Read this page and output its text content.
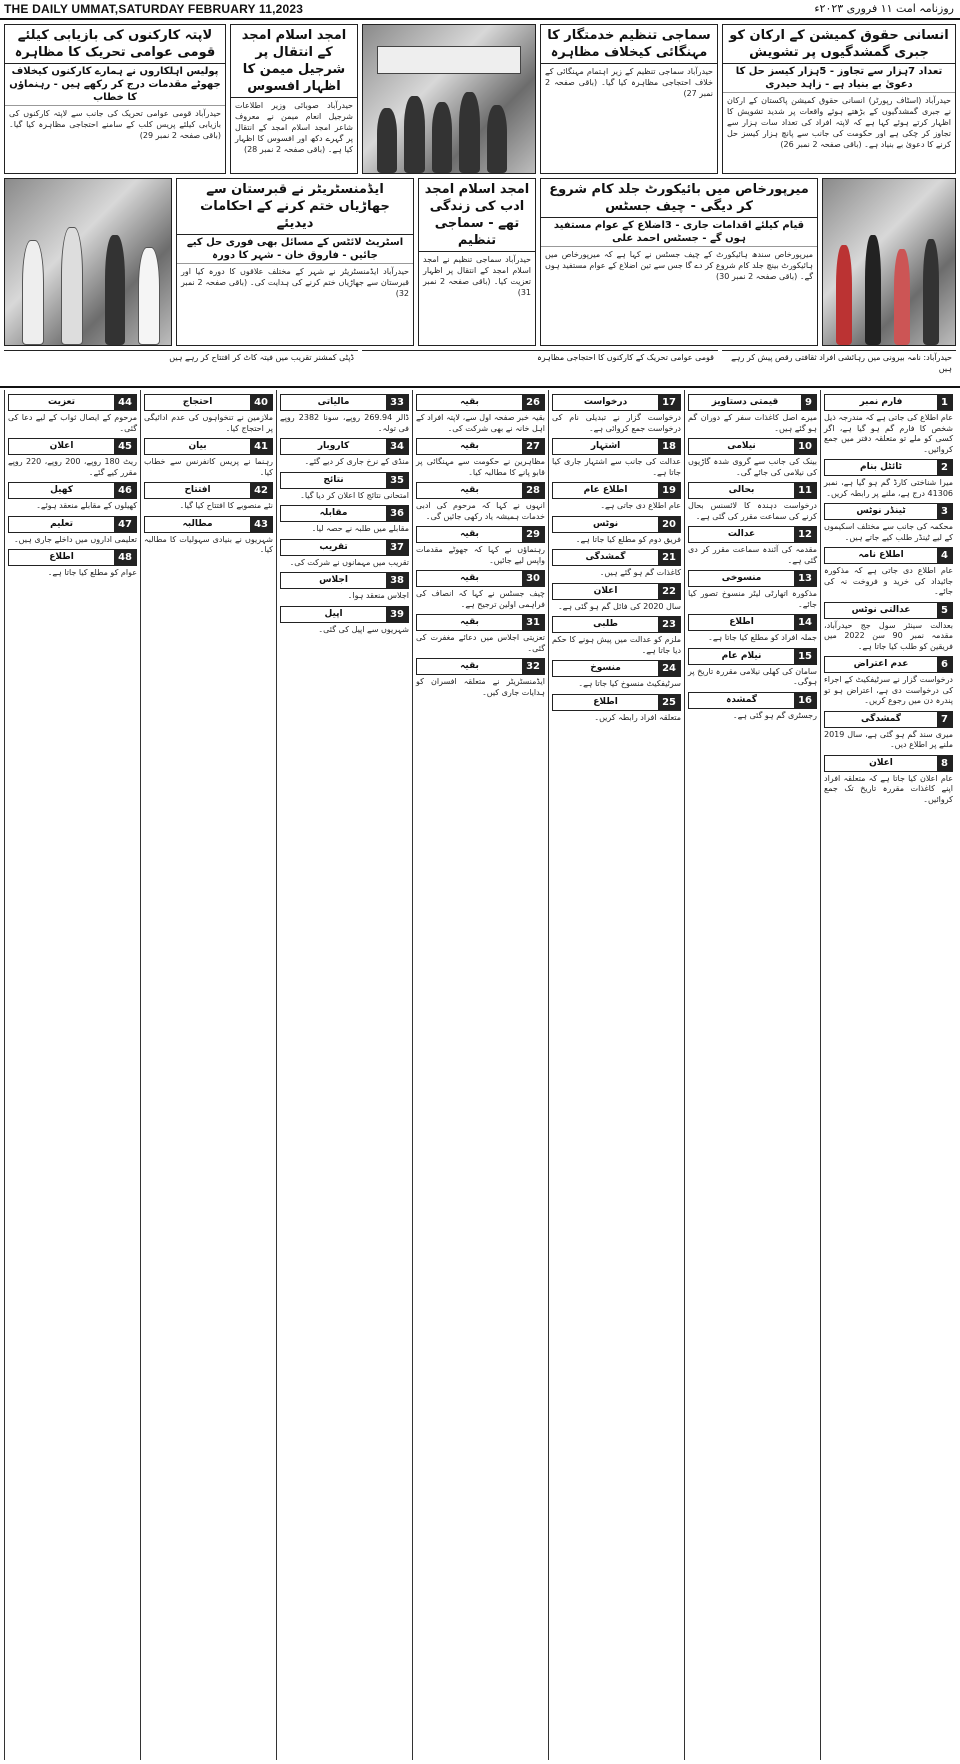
THE DAILY UMMAT,SATURDAY FEBRUARY 11,2023	روزنامہ امت ۱۱ فروری ۲۰۲۳ء
انسانی حقوق کمیشن کے ارکان کو جبری گمشدگیوں پر تشویش
تعداد 7ہزار سے تجاوز - 5ہزار کیسز حل کا دعویٰ بے بنیاد ہے - زاہد حیدری
حیدرآباد (اسٹاف رپورٹر) انسانی حقوق کمیشن پاکستان کے ارکان نے جبری گمشدگیوں کے بڑھتے ہوئے واقعات پر شدید تشویش کا اظہار کرتے ہوئے کہا ہے کہ لاپتہ افراد کی تعداد سات ہزار سے تجاوز کر چکی ہے اور حکومت کی جانب سے پانچ ہزار کیسز حل کرنے کا دعویٰ بے بنیاد ہے۔ (باقی صفحہ 2 نمبر 26)
سماجی تنظیم خدمتگار کا مہنگائی کیخلاف مظاہرہ
حیدرآباد سماجی تنظیم کے زیر اہتمام مہنگائی کے خلاف احتجاجی مظاہرہ کیا گیا۔ (باقی صفحہ 2 نمبر 27)
امجد اسلام امجد کے انتقال پر شرجیل میمن کا اظہار افسوس
حیدرآباد صوبائی وزیر اطلاعات شرجیل انعام میمن نے معروف شاعر امجد اسلام امجد کے انتقال پر گہرے دکھ اور افسوس کا اظہار کیا ہے۔ (باقی صفحہ 2 نمبر 28)
لاپتہ کارکنوں کی بازیابی کیلئے قومی عوامی تحریک کا مظاہرہ
پولیس اہلکاروں نے ہمارے کارکنوں کیخلاف جھوٹے مقدمات درج کر رکھے ہیں - رہنماؤں کا خطاب
حیدرآباد قومی عوامی تحریک کی جانب سے لاپتہ کارکنوں کی بازیابی کیلئے پریس کلب کے سامنے احتجاجی مظاہرہ کیا گیا۔ (باقی صفحہ 2 نمبر 29)
میرپورخاص میں بائیکورٹ جلد کام شروع کر دیگی - چیف جسٹس
قیام کیلئے اقدامات جاری - 3اضلاع کے عوام مستفید ہوں گے - جسٹس احمد علی
میرپورخاص سندھ ہائیکورٹ کے چیف جسٹس نے کہا ہے کہ میرپورخاص میں ہائیکورٹ بینچ جلد کام شروع کر دے گا جس سے تین اضلاع کے عوام مستفید ہوں گے۔ (باقی صفحہ 2 نمبر 30)
امجد اسلام امجد ادب کی زندگی تھے - سماجی تنظیم
حیدرآباد سماجی تنظیم نے امجد اسلام امجد کے انتقال پر اظہار تعزیت کیا۔ (باقی صفحہ 2 نمبر 31)
ایڈمنسٹریٹر نے قبرستان سے جھاڑیاں ختم کرنے کے احکامات دیدیئے
اسٹریٹ لائٹس کے مسائل بھی فوری حل کیے جائیں - فاروق خان - شہر کا دورہ
حیدرآباد ایڈمنسٹریٹر نے شہر کے مختلف علاقوں کا دورہ کیا اور قبرستان سے جھاڑیاں ختم کرنے کی ہدایت کی۔ (باقی صفحہ 2 نمبر 32)
حیدرآباد: نامہ بیرونی میں رہائشی افراد ثقافتی رقص پیش کر رہے ہیں
قومی عوامی تحریک کے کارکنوں کا احتجاجی مظاہرہ
ڈپٹی کمشنر تقریب میں فیتہ کاٹ کر افتتاح کر رہے ہیں
1
فارم نمبر
عام اطلاع کی جاتی ہے کہ مندرجہ ذیل شخص کا فارم گم ہو گیا ہے، اگر کسی کو ملے تو متعلقہ دفتر میں جمع کروائیں۔
2
ٹائٹل بنام
میرا شناختی کارڈ گم ہو گیا ہے، نمبر 41306 درج ہے، ملنے پر رابطہ کریں۔
3
ٹینڈر نوٹس
محکمہ کی جانب سے مختلف اسکیموں کے لیے ٹینڈر طلب کیے جاتے ہیں۔
4
اطلاع نامہ
عام اطلاع دی جاتی ہے کہ مذکورہ جائیداد کی خرید و فروخت نہ کی جائے۔
5
عدالتی نوٹس
بعدالت سینئر سول جج حیدرآباد، مقدمہ نمبر 90 سن 2022 میں فریقین کو طلب کیا جاتا ہے۔
6
عدم اعتراض
درخواست گزار نے سرٹیفکیٹ کے اجراء کی درخواست دی ہے، اعتراض ہو تو پندرہ دن میں رجوع کریں۔
7
گمشدگی
میری سند گم ہو گئی ہے، سال 2019 ملنے پر اطلاع دیں۔
8
اعلان
عام اعلان کیا جاتا ہے کہ متعلقہ افراد اپنے کاغذات مقررہ تاریخ تک جمع کروائیں۔
9
قیمتی دستاویز
میرے اصل کاغذات سفر کے دوران گم ہو گئے ہیں۔
10
نیلامی
بینک کی جانب سے گروی شدہ گاڑیوں کی نیلامی کی جائے گی۔
11
بحالی
درخواست دہندہ کا لائسنس بحال کرنے کی سماعت مقرر کی گئی ہے۔
12
عدالت
مقدمہ کی آئندہ سماعت مقرر کر دی گئی ہے۔
13
منسوخی
مذکورہ اتھارٹی لیٹر منسوخ تصور کیا جائے۔
14
اطلاع
جملہ افراد کو مطلع کیا جاتا ہے۔
15
نیلام عام
سامان کی کھلی نیلامی مقررہ تاریخ پر ہوگی۔
16
گمشدہ
رجسٹری گم ہو گئی ہے۔
17
درخواست
درخواست گزار نے تبدیلی نام کی درخواست جمع کروائی ہے۔
18
اشتہار
عدالت کی جانب سے اشتہار جاری کیا جاتا ہے۔
19
اطلاع عام
عام اطلاع دی جاتی ہے۔
20
نوٹس
فریق دوم کو مطلع کیا جاتا ہے۔
21
گمشدگی
کاغذات گم ہو گئے ہیں۔
22
اعلان
سال 2020 کی فائل گم ہو گئی ہے۔
23
طلبی
ملزم کو عدالت میں پیش ہونے کا حکم دیا جاتا ہے۔
24
منسوخ
سرٹیفکیٹ منسوخ کیا جاتا ہے۔
25
اطلاع
متعلقہ افراد رابطہ کریں۔
26
بقیہ
بقیہ خبر صفحہ اول سے، لاپتہ افراد کے اہل خانہ نے بھی شرکت کی۔
27
بقیہ
مظاہرین نے حکومت سے مہنگائی پر قابو پانے کا مطالبہ کیا۔
28
بقیہ
انہوں نے کہا کہ مرحوم کی ادبی خدمات ہمیشہ یاد رکھی جائیں گی۔
29
بقیہ
رہنماؤں نے کہا کہ جھوٹے مقدمات واپس لیے جائیں۔
30
بقیہ
چیف جسٹس نے کہا کہ انصاف کی فراہمی اولین ترجیح ہے۔
31
بقیہ
تعزیتی اجلاس میں دعائے مغفرت کی گئی۔
32
بقیہ
ایڈمنسٹریٹر نے متعلقہ افسران کو ہدایات جاری کیں۔
33
مالیاتی
ڈالر 269.94 روپے، سونا 2382 روپے فی تولہ۔
34
کاروبار
منڈی کے نرخ جاری کر دیے گئے۔
35
نتائج
امتحانی نتائج کا اعلان کر دیا گیا۔
36
مقابلہ
مقابلے میں طلبہ نے حصہ لیا۔
37
تقریب
تقریب میں مہمانوں نے شرکت کی۔
38
اجلاس
اجلاس منعقد ہوا۔
39
اپیل
شہریوں سے اپیل کی گئی۔
40
احتجاج
ملازمین نے تنخواہوں کی عدم ادائیگی پر احتجاج کیا۔
41
بیان
رہنما نے پریس کانفرنس سے خطاب کیا۔
42
افتتاح
نئے منصوبے کا افتتاح کیا گیا۔
43
مطالبہ
شہریوں نے بنیادی سہولیات کا مطالبہ کیا۔
44
تعزیت
مرحوم کے ایصال ثواب کے لیے دعا کی گئی۔
45
اعلان
ریٹ 180 روپے، 200 روپے، 220 روپے مقرر کیے گئے۔
46
کھیل
کھیلوں کے مقابلے منعقد ہوئے۔
47
تعلیم
تعلیمی اداروں میں داخلے جاری ہیں۔
48
اطلاع
عوام کو مطلع کیا جاتا ہے۔
